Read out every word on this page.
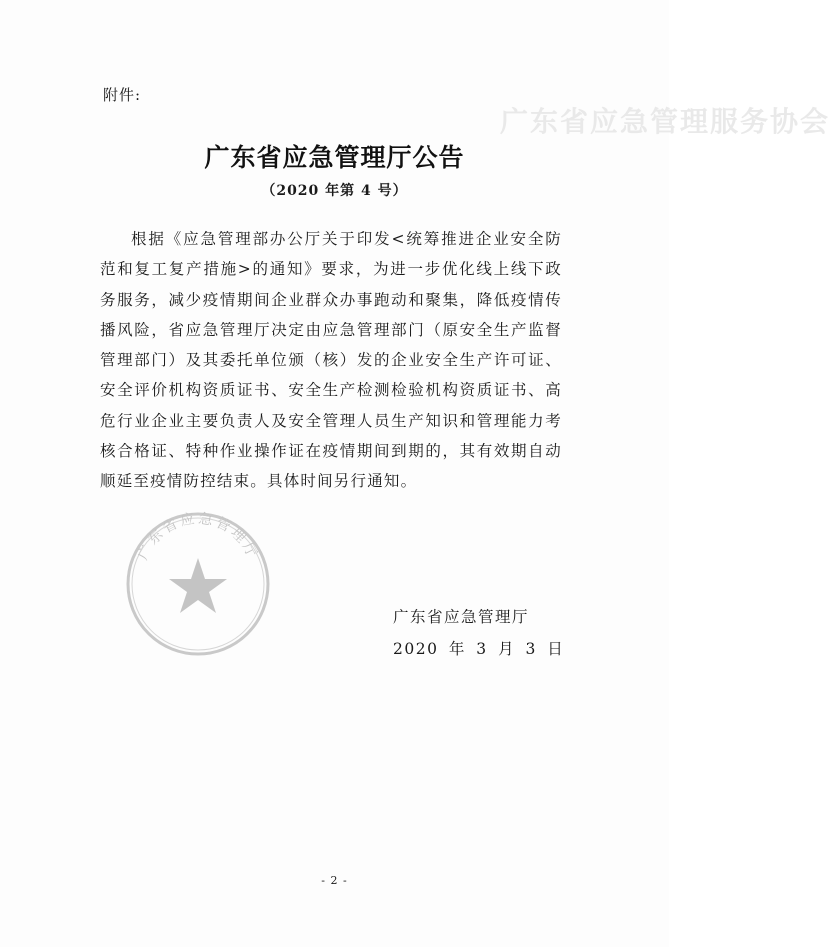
附件:
广东省应急管理服务协会
广东省应急管理厅公告
（2020 年第 4 号）

根据《应急管理部办公厅关于印发<统筹推进企业安全防范和复工复产措施>的通知》要求，为进一步优化线上线下政务服务，减少疫情期间企业群众办事跑动和聚集，降低疫情传播风险，省应急管理厅决定由应急管理部门（原安全生产监督管理部门）及其委托单位颁（核）发的企业安全生产许可证、安全评价机构资质证书、安全生产检测检验机构资质证书、高危行业企业主要负责人及安全管理人员生产知识和管理能力考核合格证、特种作业操作证在疫情期间到期的，其有效期自动顺延至疫情防控结束。具体时间另行通知。

广东省应急管理厅
广东省应急管理厅
2020 年 3 月 3 日
- 2 -
